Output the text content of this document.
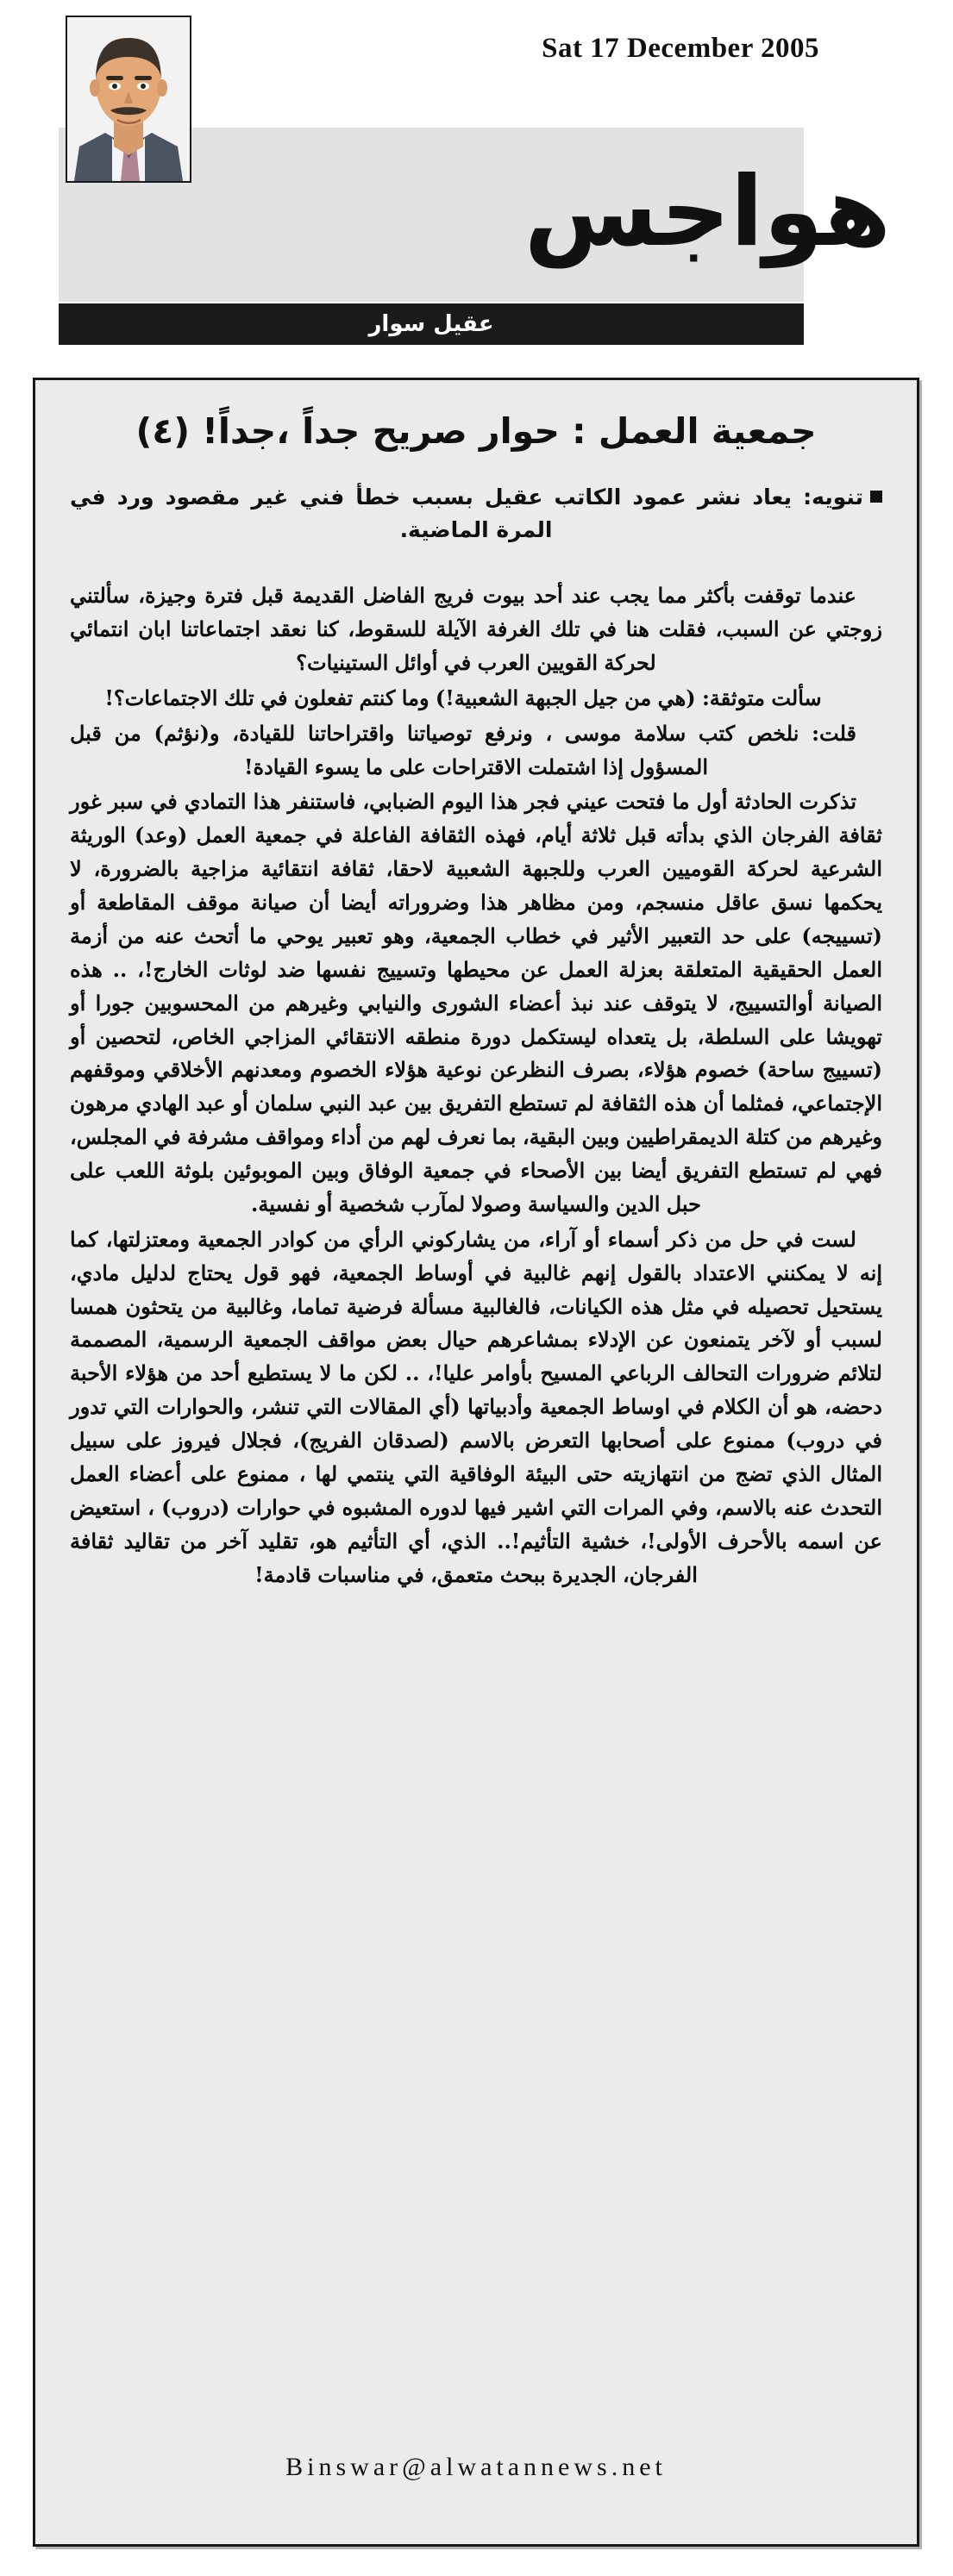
Sat 17 December 2005
هواجس
عقيل سوار
جمعية العمل : حوار صريح جداً ،جداً! (٤)
تنويه: يعاد نشر عمود الكاتب عقيل بسبب خطأ فني غير مقصود ورد في المرة الماضية.

عندما توقفت بأكثر مما يجب عند أحد بيوت فريج الفاضل القديمة قبل فترة وجيزة، سألتني زوجتي عن السبب، فقلت هنا في تلك الغرفة الآيلة للسقوط، كنا نعقد اجتماعاتنا ابان انتمائي لحركة القويين العرب في أوائل الستينيات؟

سألت متوثقة: (هي من جيل الجبهة الشعبية!) وما كنتم تفعلون في تلك الاجتماعات؟!

قلت: نلخص كتب سلامة موسى ، ونرفع توصياتنا واقتراحاتنا للقيادة، و(نؤثم) من قبل المسؤول إذا اشتملت الاقتراحات على ما يسوء القيادة!

تذكرت الحادثة أول ما فتحت عيني فجر هذا اليوم الضبابي، فاستنفر هذا التمادي في سبر غور ثقافة الفرجان الذي بدأته قبل ثلاثة أيام، فهذه الثقافة الفاعلة في جمعية العمل (وعد) الوريثة الشرعية لحركة القوميين العرب وللجبهة الشعبية لاحقا، ثقافة انتقائية مزاجية بالضرورة، لا يحكمها نسق عاقل منسجم، ومن مظاهر هذا وضروراته أيضا أن صيانة موقف المقاطعة أو (تسييجه) على حد التعبير الأثير في خطاب الجمعية، وهو تعبير يوحي ما أتحث عنه من أزمة العمل الحقيقية المتعلقة بعزلة العمل عن محيطها وتسييج نفسها ضد لوثات الخارج!، .. هذه الصيانة أوالتسييج، لا يتوقف عند نبذ أعضاء الشورى والنيابي وغيرهم من المحسوبين جورا أو تهويشا على السلطة، بل يتعداه ليستكمل دورة منطقه الانتقائي المزاجي الخاص، لتحصين أو (تسييج ساحة) خصوم هؤلاء، بصرف النظرعن نوعية هؤلاء الخصوم ومعدنهم الأخلاقي وموقفهم الإجتماعي، فمثلما أن هذه الثقافة لم تستطع التفريق بين عبد النبي سلمان أو عبد الهادي مرهون وغيرهم من كتلة الديمقراطيين وبين البقية، بما نعرف لهم من أداء ومواقف مشرفة في المجلس، فهي لم تستطع التفريق أيضا بين الأصحاء في جمعية الوفاق وبين الموبوئين بلوثة اللعب على حبل الدين والسياسة وصولا لمآرب شخصية أو نفسية.

لست في حل من ذكر أسماء أو آراء، من يشاركوني الرأي من كوادر الجمعية ومعتزلتها، كما إنه لا يمكنني الاعتداد بالقول إنهم غالبية في أوساط الجمعية، فهو قول يحتاج لدليل مادي، يستحيل تحصيله في مثل هذه الكيانات، فالغالبية مسألة فرضية تماما، وغالبية من يتحثون همسا لسبب أو لآخر يتمنعون عن الإدلاء بمشاعرهم حيال بعض مواقف الجمعية الرسمية، المصممة لتلائم ضرورات التحالف الرباعي المسيح بأوامر عليا!، .. لكن ما لا يستطيع أحد من هؤلاء الأحبة دحضه، هو أن الكلام في اوساط الجمعية وأدبياتها (أي المقالات التي تنشر، والحوارات التي تدور في دروب) ممنوع على أصحابها التعرض بالاسم (لصدقان الفريج)، فجلال فيروز على سبيل المثال الذي تضج من انتهازيته حتى البيئة الوفاقية التي ينتمي لها ، ممنوع على أعضاء العمل التحدث عنه بالاسم، وفي المرات التي اشير فيها لدوره المشبوه في حوارات (دروب) ، استعيض عن اسمه بالأحرف الأولى!، خشية التأثيم!.. الذي، أي التأثيم هو، تقليد آخر من تقاليد ثقافة الفرجان، الجديرة ببحث متعمق، في مناسبات قادمة!

Binswar@alwatannews.net
